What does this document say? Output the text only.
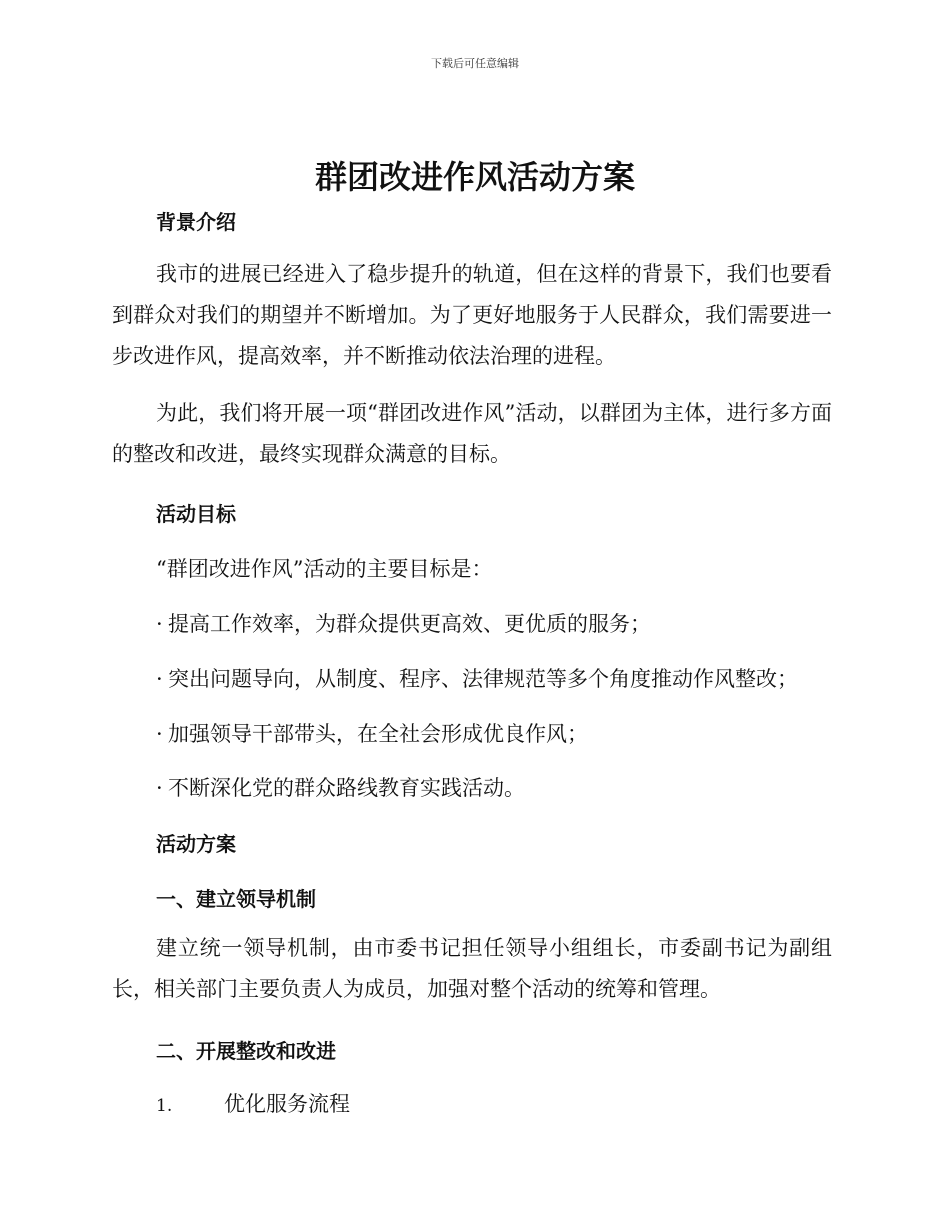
下载后可任意编辑
群团改进作风活动方案
背景介绍
我市的进展已经进入了稳步提升的轨道，但在这样的背景下，我们也要看到群众对我们的期望并不断增加。为了更好地服务于人民群众，我们需要进一步改进作风，提高效率，并不断推动依法治理的进程。
为此，我们将开展一项“群团改进作风”活动，以群团为主体，进行多方面的整改和改进，最终实现群众满意的目标。
活动目标
“群团改进作风”活动的主要目标是：
· 提高工作效率，为群众提供更高效、更优质的服务；
· 突出问题导向，从制度、程序、法律规范等多个角度推动作风整改；
· 加强领导干部带头，在全社会形成优良作风；
· 不断深化党的群众路线教育实践活动。
活动方案
一、建立领导机制
建立统一领导机制，由市委书记担任领导小组组长，市委副书记为副组长，相关部门主要负责人为成员，加强对整个活动的统筹和管理。
二、开展整改和改进
1. 优化服务流程
